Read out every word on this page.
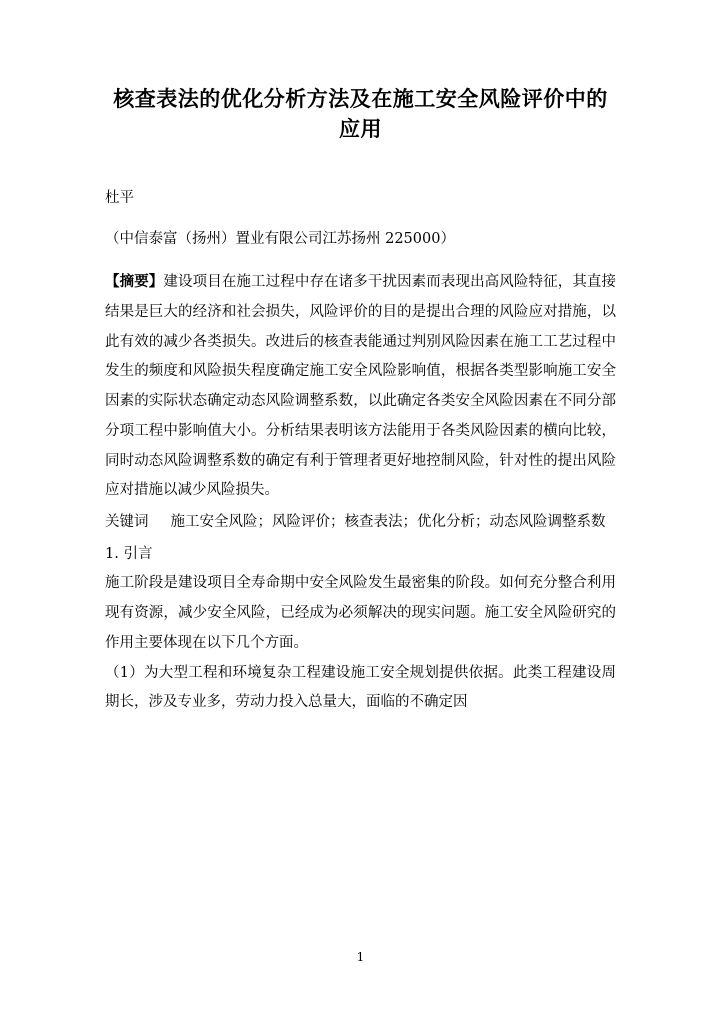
核查表法的优化分析方法及在施工安全风险评价中的应用
杜平
（中信泰富（扬州）置业有限公司江苏扬州 225000）

【摘要】建设项目在施工过程中存在诸多干扰因素而表现出高风险特征，其直接结果是巨大的经济和社会损失，风险评价的目的是提出合理的风险应对措施，以此有效的减少各类损失。改进后的核查表能通过判别风险因素在施工工艺过程中发生的频度和风险损失程度确定施工安全风险影响值，根据各类型影响施工安全因素的实际状态确定动态风险调整系数，以此确定各类安全风险因素在不同分部分项工程中影响值大小。分析结果表明该方法能用于各类风险因素的横向比较，同时动态风险调整系数的确定有利于管理者更好地控制风险，针对性的提出风险应对措施以减少风险损失。

关键词 施工安全风险；风险评价；核查表法；优化分析；动态风险调整系数

1. 引言

施工阶段是建设项目全寿命期中安全风险发生最密集的阶段。如何充分整合利用现有资源，减少安全风险，已经成为必须解决的现实问题。施工安全风险研究的作用主要体现在以下几个方面。

（1）为大型工程和环境复杂工程建设施工安全规划提供依据。此类工程建设周期长，涉及专业多，劳动力投入总量大，面临的不确定因

1
